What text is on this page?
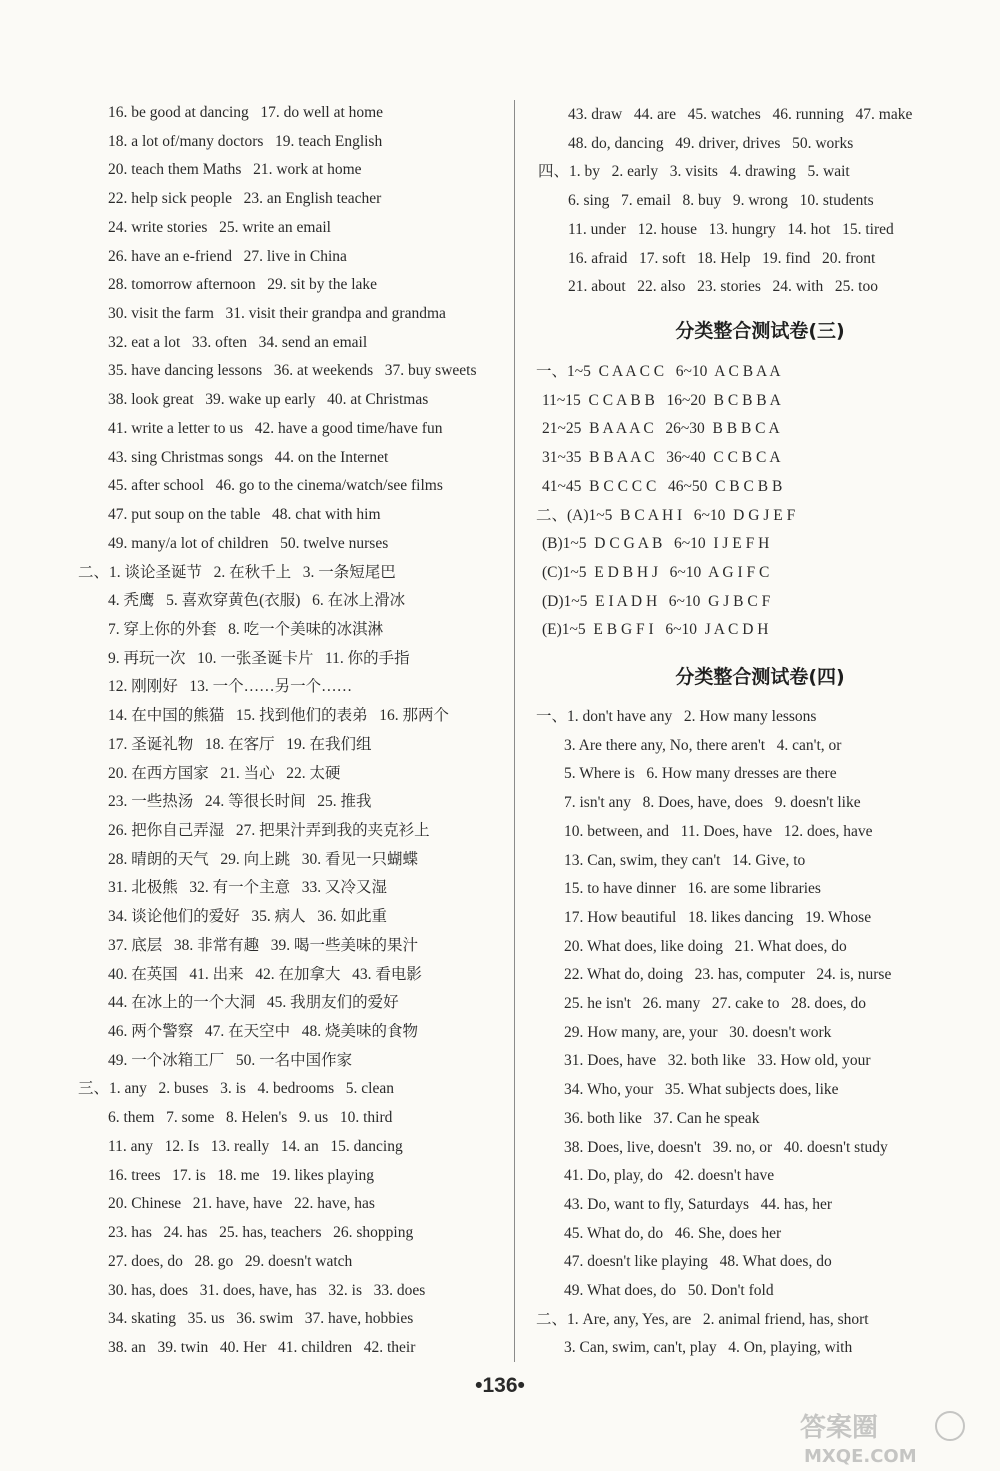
16. be good at dancing   17. do well at home
18. a lot of/many doctors   19. teach English
20. teach them Maths   21. work at home
22. help sick people   23. an English teacher
24. write stories   25. write an email
26. have an e-friend   27. live in China
28. tomorrow afternoon   29. sit by the lake
30. visit the farm   31. visit their grandpa and grandma
32. eat a lot   33. often   34. send an email
35. have dancing lessons   36. at weekends   37. buy sweets
38. look great   39. wake up early   40. at Christmas
41. write a letter to us   42. have a good time/have fun
43. sing Christmas songs   44. on the Internet
45. after school   46. go to the cinema/watch/see films
47. put soup on the table   48. chat with him
49. many/a lot of children   50. twelve nurses
二、1. 谈论圣诞节   2. 在秋千上   3. 一条短尾巴
4. 秃鹰   5. 喜欢穿黄色(衣服)   6. 在冰上滑冰
7. 穿上你的外套   8. 吃一个美味的冰淇淋
9. 再玩一次   10. 一张圣诞卡片   11. 你的手指
12. 刚刚好   13. 一个……另一个……
14. 在中国的熊猫   15. 找到他们的表弟   16. 那两个
17. 圣诞礼物   18. 在客厅   19. 在我们组
20. 在西方国家   21. 当心   22. 太硬
23. 一些热汤   24. 等很长时间   25. 推我
26. 把你自己弄湿   27. 把果汁弄到我的夹克衫上
28. 晴朗的天气   29. 向上跳   30. 看见一只蝴蝶
31. 北极熊   32. 有一个主意   33. 又冷又湿
34. 谈论他们的爱好   35. 病人   36. 如此重
37. 底层   38. 非常有趣   39. 喝一些美味的果汁
40. 在英国   41. 出来   42. 在加拿大   43. 看电影
44. 在冰上的一个大洞   45. 我朋友们的爱好
46. 两个警察   47. 在天空中   48. 烧美味的食物
49. 一个冰箱工厂   50. 一名中国作家
三、1. any   2. buses   3. is   4. bedrooms   5. clean
6. them   7. some   8. Helen's   9. us   10. third
11. any   12. Is   13. really   14. an   15. dancing
16. trees   17. is   18. me   19. likes playing
20. Chinese   21. have, have   22. have, has
23. has   24. has   25. has, teachers   26. shopping
27. does, do   28. go   29. doesn't watch
30. has, does   31. does, have, has   32. is   33. does
34. skating   35. us   36. swim   37. have, hobbies
38. an   39. twin   40. Her   41. children   42. their
分类整合测试卷(三)
分类整合测试卷(四)
43. draw   44. are   45. watches   46. running   47. make
48. do, dancing   49. driver, drives   50. works
四、1. by   2. early   3. visits   4. drawing   5. wait
6. sing   7. email   8. buy   9. wrong   10. students
11. under   12. house   13. hungry   14. hot   15. tired
16. afraid   17. soft   18. Help   19. find   20. front
21. about   22. also   23. stories   24. with   25. too
一、1~5  C A A C C   6~10  A C B A A
11~15  C C A B B   16~20  B C B B A
21~25  B A A A C   26~30  B B B C A
31~35  B B A A C   36~40  C C B C A
41~45  B C C C C   46~50  C B C B B
二、(A)1~5  B C A H I   6~10  D G J E F
(B)1~5  D C G A B   6~10  I J E F H
(C)1~5  E D B H J   6~10  A G I F C
(D)1~5  E I A D H   6~10  G J B C F
(E)1~5  E B G F I   6~10  J A C D H
一、1. don't have any   2. How many lessons
3. Are there any, No, there aren't   4. can't, or
5. Where is   6. How many dresses are there
7. isn't any   8. Does, have, does   9. doesn't like
10. between, and   11. Does, have   12. does, have
13. Can, swim, they can't   14. Give, to
15. to have dinner   16. are some libraries
17. How beautiful   18. likes dancing   19. Whose
20. What does, like doing   21. What does, do
22. What do, doing   23. has, computer   24. is, nurse
25. he isn't   26. many   27. cake to   28. does, do
29. How many, are, your   30. doesn't work
31. Does, have   32. both like   33. How old, your
34. Who, your   35. What subjects does, like
36. both like   37. Can he speak
38. Does, live, doesn't   39. no, or   40. doesn't study
41. Do, play, do   42. doesn't have
43. Do, want to fly, Saturdays   44. has, her
45. What do, do   46. She, does her
47. doesn't like playing   48. What does, do
49. What does, do   50. Don't fold
二、1. Are, any, Yes, are   2. animal friend, has, short
3. Can, swim, can't, play   4. On, playing, with
•136•
答案圈
MXQE.COM
